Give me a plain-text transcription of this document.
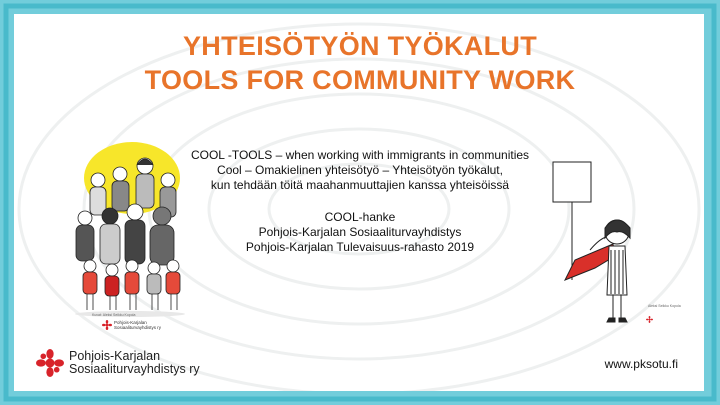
YHTEISÖTYÖN TYÖKALUT
TOOLS FOR COMMUNITY WORK
COOL -TOOLS – when working with immigrants in communities
Cool – Omakielinen yhteisötyö – Yhteisötyön työkalut,
kun tehdään töitä maahanmuuttajien kanssa yhteisöissä
COOL-hanke
Pohjois-Karjalan Sosiaaliturvayhdistys
Pohjois-Karjalan Tulevaisuus-rahasto 2019
Kuvat: Aleksi Seikku Kopola
Pohjois-Karjalan
Sosiaaliturvayhdistys ry
Aleksi Seikku Kopola
Pohjois-Karjalan
Sosiaaliturvayhdistys ry	www.pksotu.fi
